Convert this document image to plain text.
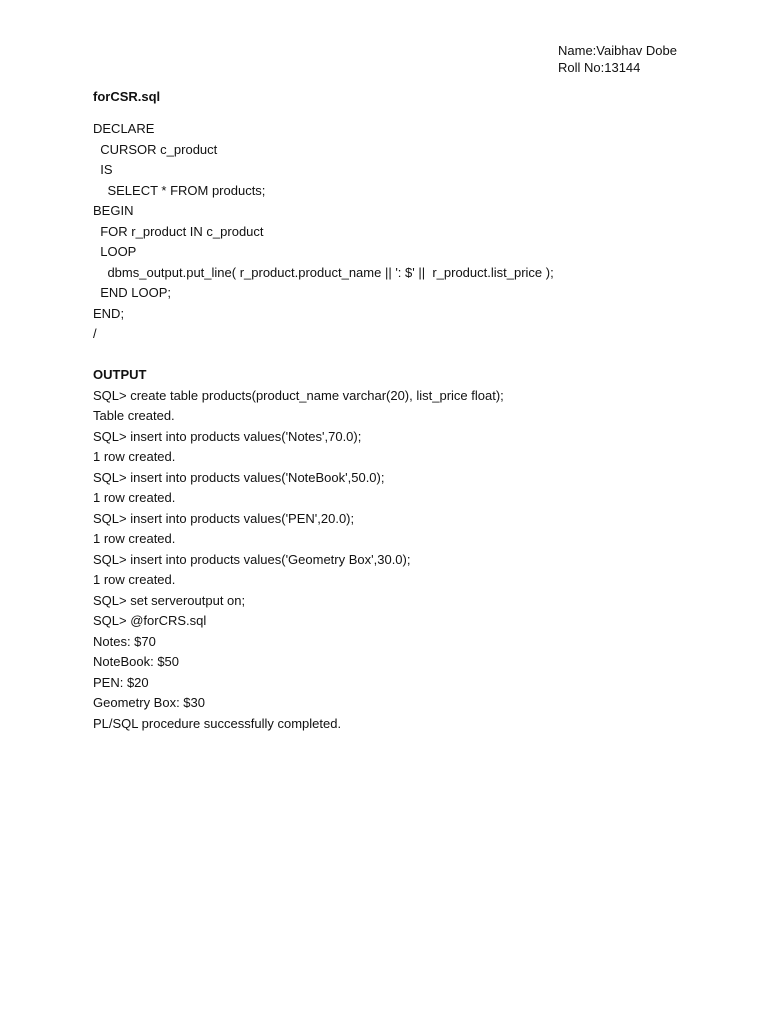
Name:Vaibhav Dobe
Roll No:13144
forCSR.sql
DECLARE
CURSOR c_product
IS
SELECT * FROM products;
BEGIN
FOR r_product IN c_product
LOOP
dbms_output.put_line( r_product.product_name || ': $' ||  r_product.list_price );
END LOOP;
END;
/
OUTPUT
SQL> create table products(product_name varchar(20), list_price float);
Table created.
SQL> insert into products values('Notes',70.0);
1 row created.
SQL> insert into products values('NoteBook',50.0);
1 row created.
SQL> insert into products values('PEN',20.0);
1 row created.
SQL> insert into products values('Geometry Box',30.0);
1 row created.
SQL> set serveroutput on;
SQL> @forCRS.sql
Notes: $70
NoteBook: $50
PEN: $20
Geometry Box: $30
PL/SQL procedure successfully completed.
